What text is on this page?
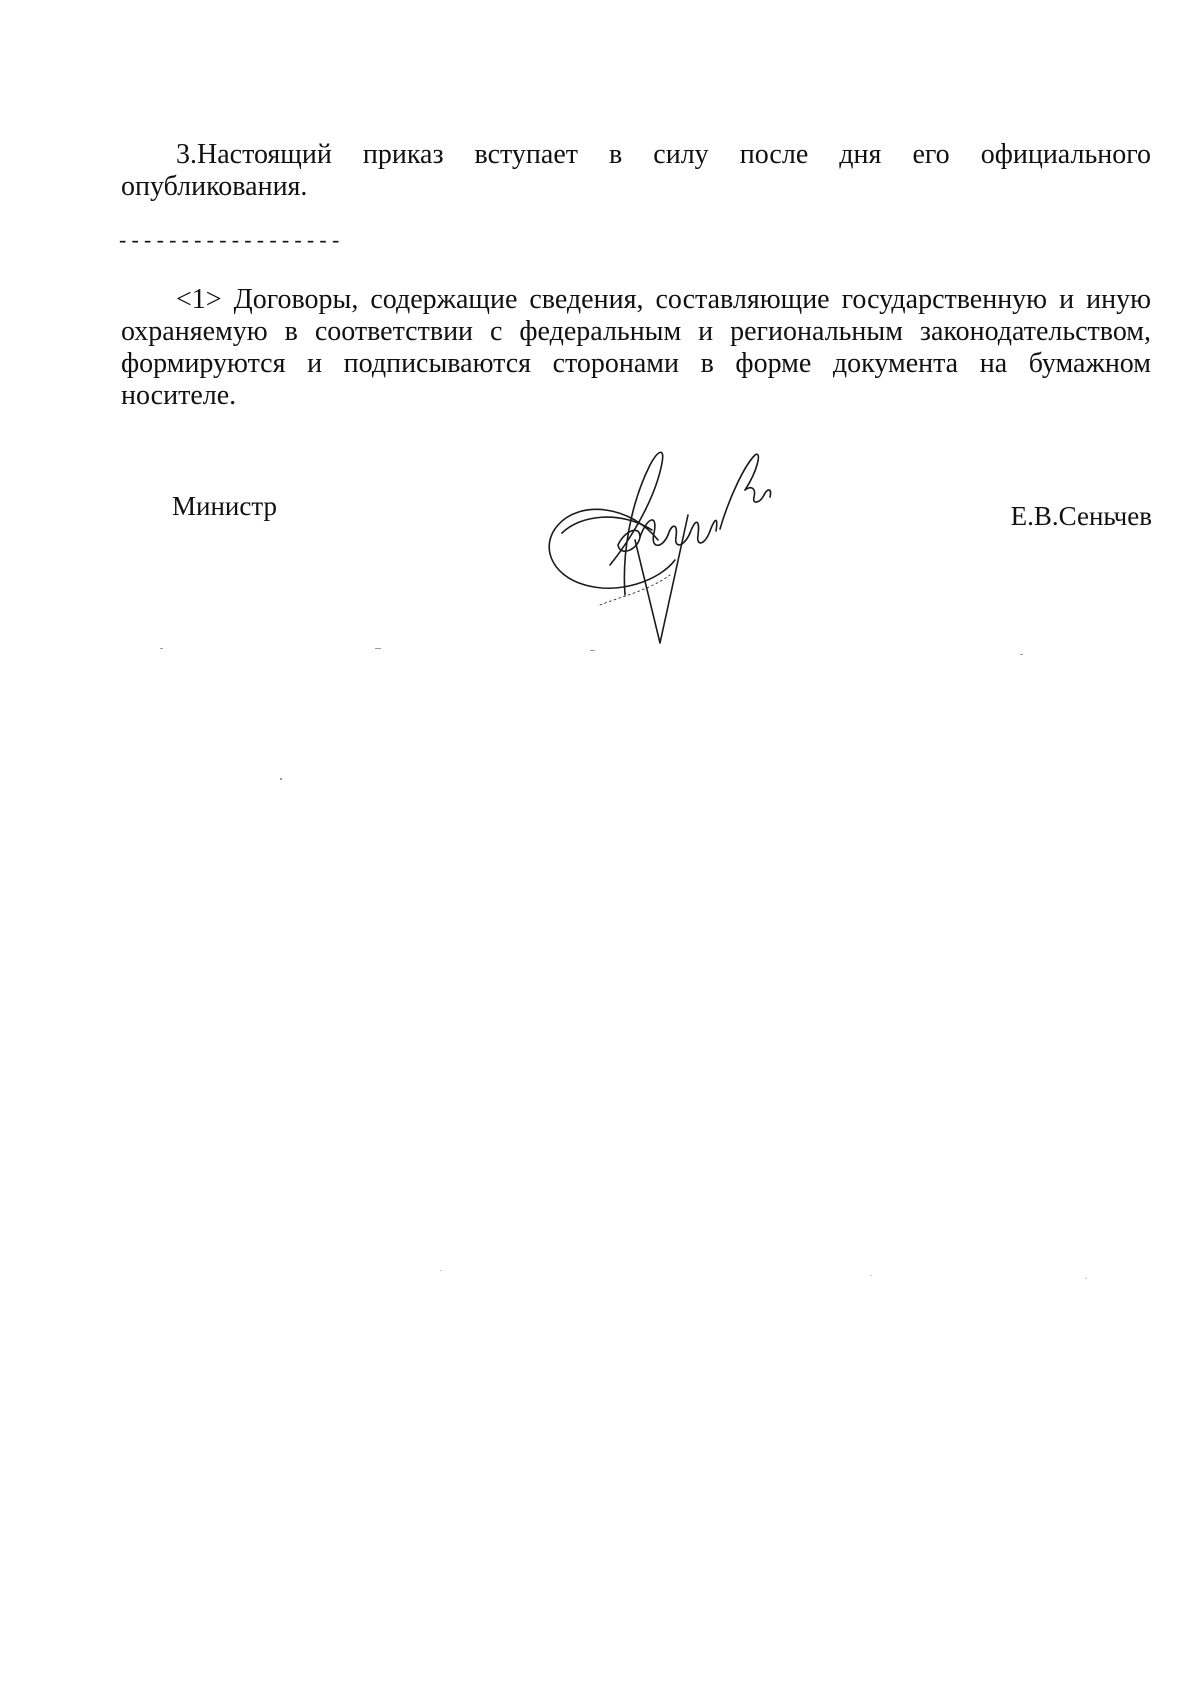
3.Настоящий приказ вступает в силу после дня его официального опубликования.

------------------

<1> Договоры, содержащие сведения, составляющие государственную и иную охраняемую в соответствии с федеральным и региональным законодательством, формируются и подписываются сторонами в форме документа на бумажном носителе.

Министр	Е.В.Сеньчев
